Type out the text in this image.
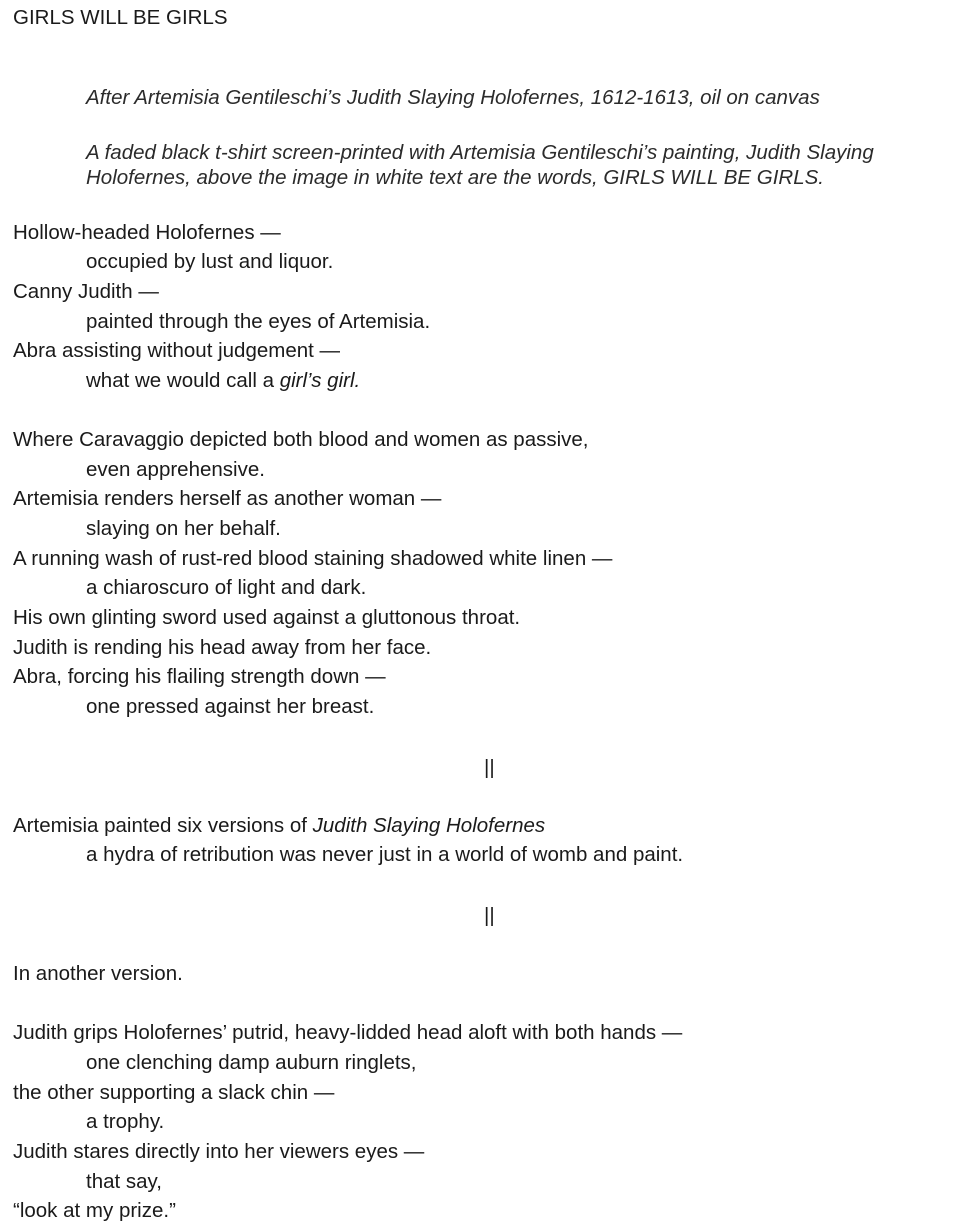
GIRLS WILL BE GIRLS
After Artemisia Gentileschi’s Judith Slaying Holofernes, 1612-1613, oil on canvas
A faded black t-shirt screen-printed with Artemisia Gentileschi’s painting, Judith Slaying
Holofernes, above the image in white text are the words, GIRLS WILL BE GIRLS.
Hollow-headed Holofernes —
occupied by lust and liquor.
Canny Judith —
painted through the eyes of Artemisia.
Abra assisting without judgement —
what we would call a girl’s girl.
Where Caravaggio depicted both blood and women as passive,
even apprehensive.
Artemisia renders herself as another woman —
slaying on her behalf.
A running wash of rust-red blood staining shadowed white linen —
a chiaroscuro of light and dark.
His own glinting sword used against a gluttonous throat.
Judith is rending his head away from her face.
Abra, forcing his flailing strength down —
one pressed against her breast.
||
Artemisia painted six versions of Judith Slaying Holofernes
a hydra of retribution was never just in a world of womb and paint.
||
In another version.
Judith grips Holofernes’ putrid, heavy-lidded head aloft with both hands —
one clenching damp auburn ringlets,
the other supporting a slack chin —
a trophy.
Judith stares directly into her viewers eyes —
that say,
“look at my prize.”
